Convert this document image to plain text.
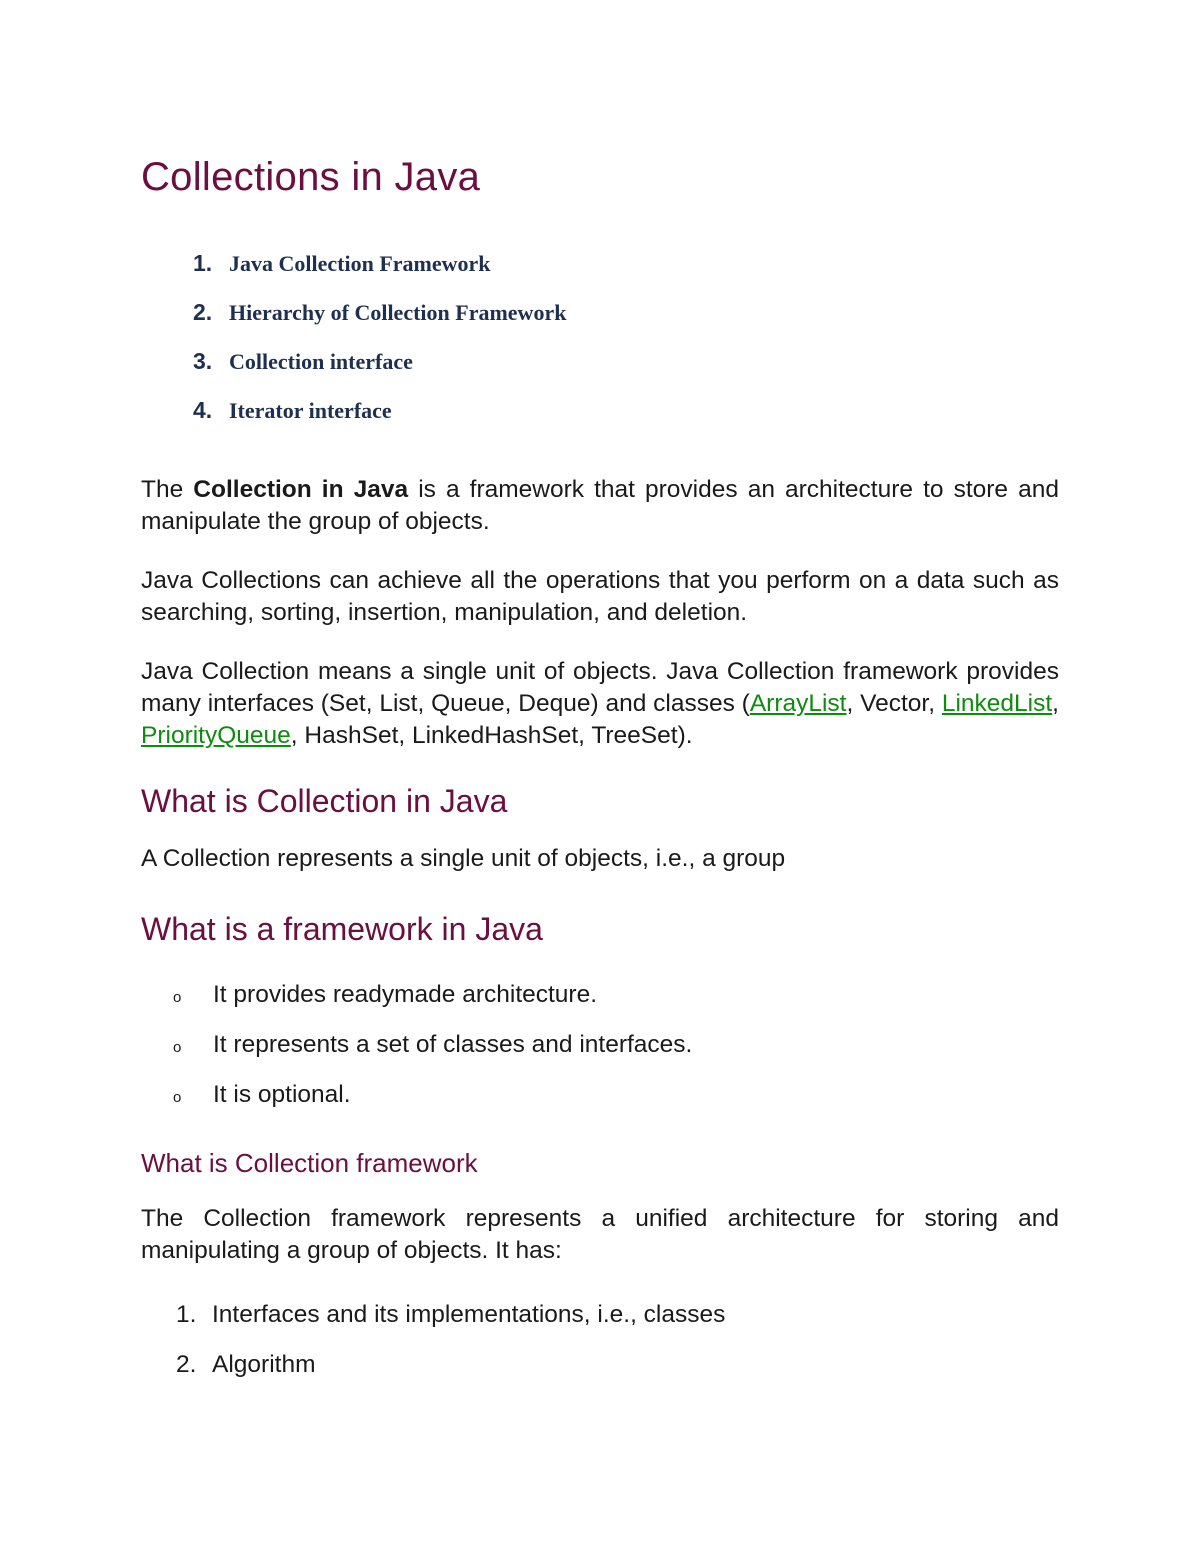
Collections in Java
1. Java Collection Framework
2. Hierarchy of Collection Framework
3. Collection interface
4. Iterator interface

The Collection in Java is a framework that provides an architecture to store and manipulate the group of objects.

Java Collections can achieve all the operations that you perform on a data such as searching, sorting, insertion, manipulation, and deletion.

Java Collection means a single unit of objects. Java Collection framework provides many interfaces (Set, List, Queue, Deque) and classes (ArrayList, Vector, LinkedList, PriorityQueue, HashSet, LinkedHashSet, TreeSet).

What is Collection in Java

A Collection represents a single unit of objects, i.e., a group

What is a framework in Java
o	It provides readymade architecture.
o	It represents a set of classes and interfaces.
o	It is optional.
What is Collection framework

The Collection framework represents a unified architecture for storing and manipulating a group of objects. It has:

1. Interfaces and its implementations, i.e., classes
2. Algorithm
